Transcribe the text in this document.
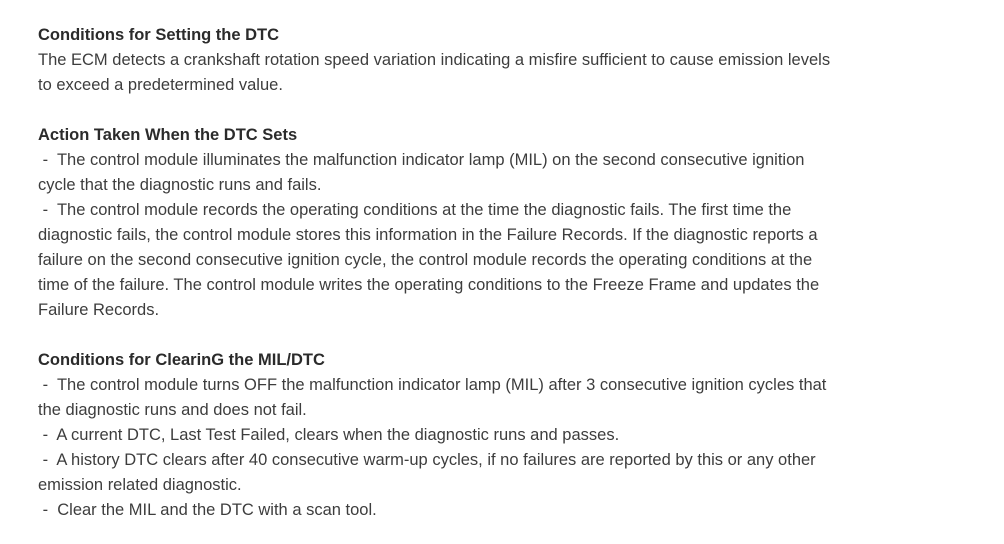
Conditions for Setting the DTC

The ECM detects a crankshaft rotation speed variation indicating a misfire sufficient to cause emission levels to exceed a predetermined value.

Action Taken When the DTC Sets

-  The control module illuminates the malfunction indicator lamp (MIL) on the second consecutive ignition cycle that the diagnostic runs and fails.

-  The control module records the operating conditions at the time the diagnostic fails. The first time the diagnostic fails, the control module stores this information in the Failure Records. If the diagnostic reports a failure on the second consecutive ignition cycle, the control module records the operating conditions at the time of the failure. The control module writes the operating conditions to the Freeze Frame and updates the Failure Records.

Conditions for ClearinG the MIL/DTC

-  The control module turns OFF the malfunction indicator lamp (MIL) after 3 consecutive ignition cycles that the diagnostic runs and does not fail.

-  A current DTC, Last Test Failed, clears when the diagnostic runs and passes.

-  A history DTC clears after 40 consecutive warm-up cycles, if no failures are reported by this or any other emission related diagnostic.

-  Clear the MIL and the DTC with a scan tool.
